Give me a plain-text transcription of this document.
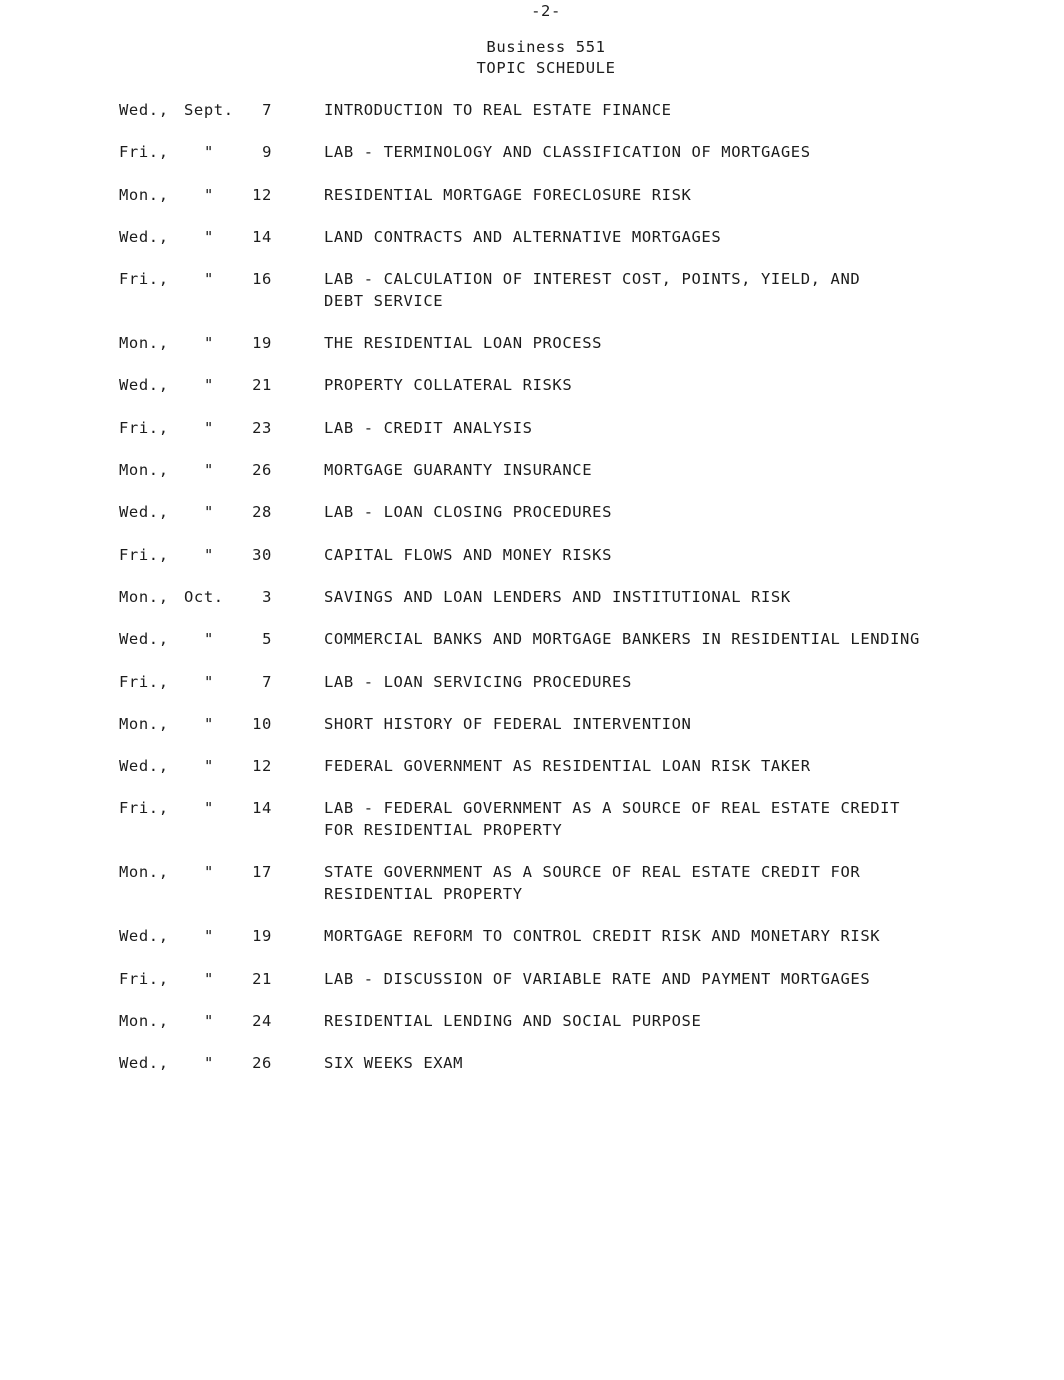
-2-
Business 551
TOPIC SCHEDULE
Wed., Sept.	7	INTRODUCTION TO REAL ESTATE FINANCE
Fri.,	"	9	LAB - TERMINOLOGY AND CLASSIFICATION OF MORTGAGES
Mon.,	"	12	RESIDENTIAL MORTGAGE FORECLOSURE RISK
Wed.,	"	14	LAND CONTRACTS AND ALTERNATIVE MORTGAGES
Fri.,	"	16	LAB - CALCULATION OF INTEREST COST, POINTS, YIELD, AND
DEBT SERVICE
Mon.,	"	19	THE RESIDENTIAL LOAN PROCESS
Wed.,	"	21	PROPERTY COLLATERAL RISKS
Fri.,	"	23	LAB - CREDIT ANALYSIS
Mon.,	"	26	MORTGAGE GUARANTY INSURANCE
Wed.,	"	28	LAB - LOAN CLOSING PROCEDURES
Fri.,	"	30	CAPITAL FLOWS AND MONEY RISKS
Mon., Oct.	3	SAVINGS AND LOAN LENDERS AND INSTITUTIONAL RISK
Wed.,	"	5	COMMERCIAL BANKS AND MORTGAGE BANKERS IN RESIDENTIAL LENDING
Fri.,	"	7	LAB - LOAN SERVICING PROCEDURES
Mon.,	"	10	SHORT HISTORY OF FEDERAL INTERVENTION
Wed.,	"	12	FEDERAL GOVERNMENT AS RESIDENTIAL LOAN RISK TAKER
Fri.,	"	14	LAB - FEDERAL GOVERNMENT AS A SOURCE OF REAL ESTATE CREDIT
FOR RESIDENTIAL PROPERTY
Mon.,	"	17	STATE GOVERNMENT AS A SOURCE OF REAL ESTATE CREDIT FOR
RESIDENTIAL PROPERTY
Wed.,	"	19	MORTGAGE REFORM TO CONTROL CREDIT RISK AND MONETARY RISK
Fri.,	"	21	LAB - DISCUSSION OF VARIABLE RATE AND PAYMENT MORTGAGES
Mon.,	"	24	RESIDENTIAL LENDING AND SOCIAL PURPOSE
Wed.,	"	26	SIX WEEKS EXAM
